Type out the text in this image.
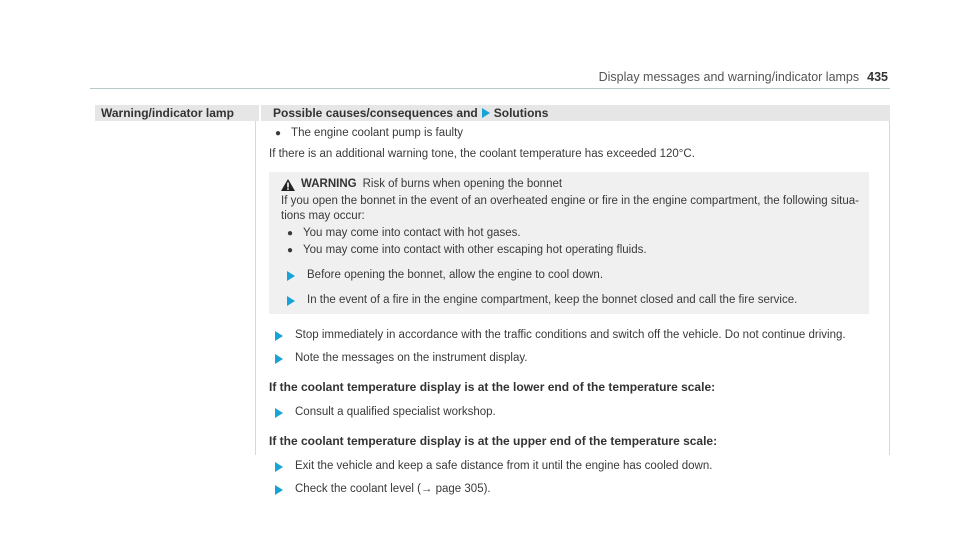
Display messages and warning/indicator lamps 435
Warning/indicator lamp	Possible causes/consequences and Solutions
● The engine coolant pump is faulty

If there is an additional warning tone, the coolant temperature has exceeded 120°C.

WARNING Risk of burns when opening the bonnet

If you open the bonnet in the event of an overheated engine or fire in the engine compartment, the following situa-tions may occur:

● You may come into contact with hot gases.
● You may come into contact with other escaping hot operating fluids.
Before opening the bonnet, allow the engine to cool down.
In the event of a fire in the engine compartment, keep the bonnet closed and call the fire service.
Stop immediately in accordance with the traffic conditions and switch off the vehicle. Do not continue driving.
Note the messages on the instrument display.
If the coolant temperature display is at the lower end of the temperature scale:
Consult a qualified specialist workshop.
If the coolant temperature display is at the upper end of the temperature scale:
Exit the vehicle and keep a safe distance from it until the engine has cooled down.
Check the coolant level (→ page 305).
